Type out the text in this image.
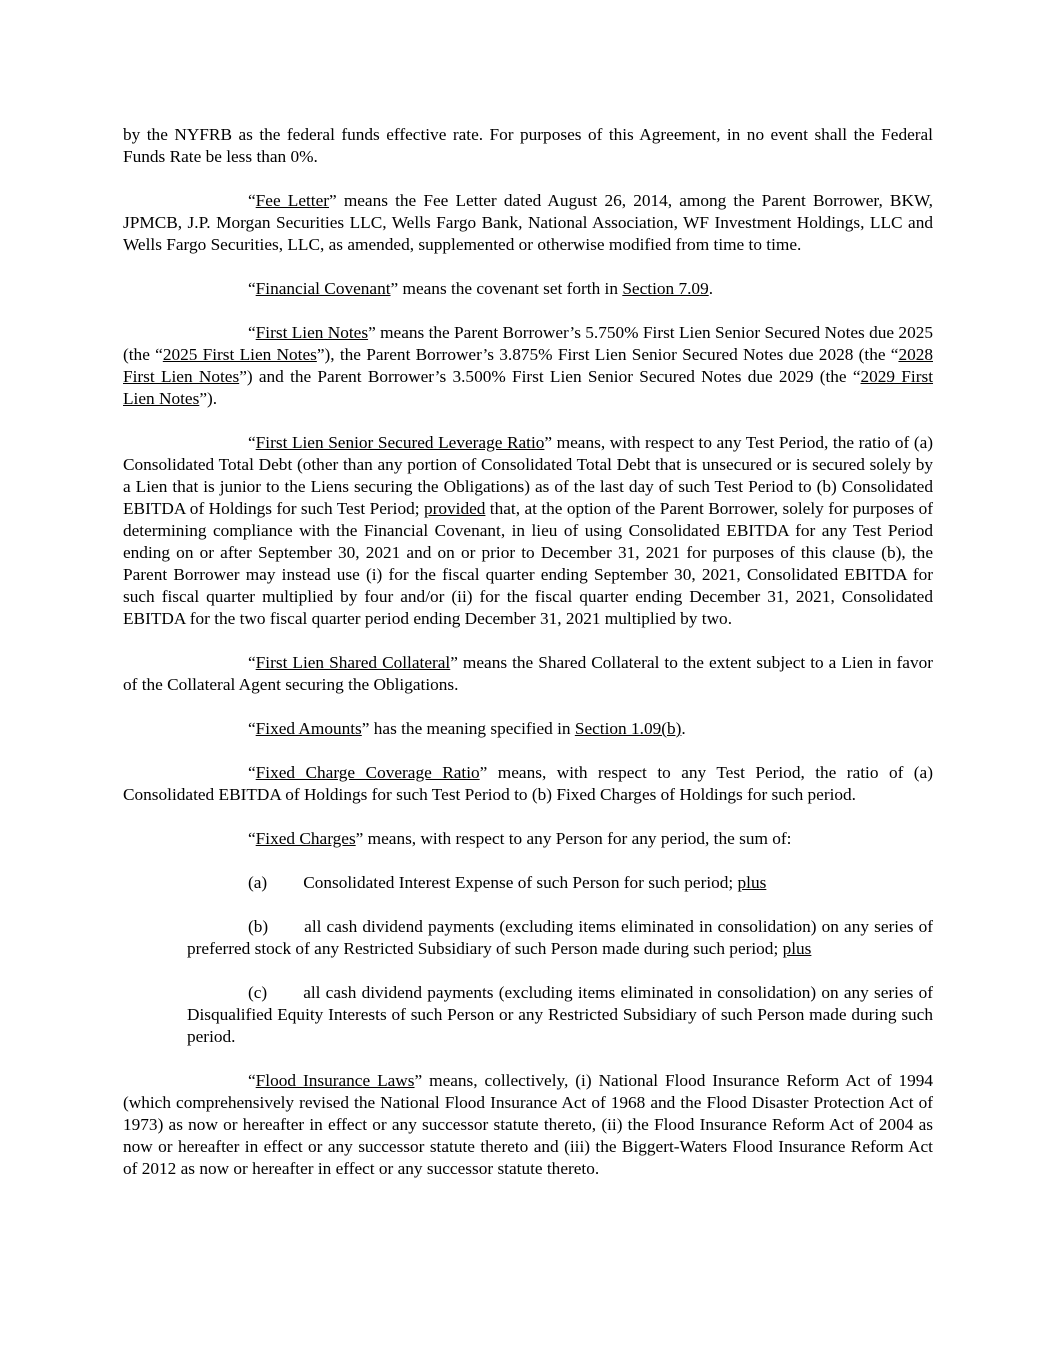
by the NYFRB as the federal funds effective rate. For purposes of this Agreement, in no event shall the Federal Funds Rate be less than 0%.

“Fee Letter” means the Fee Letter dated August 26, 2014, among the Parent Borrower, BKW, JPMCB, J.P. Morgan Securities LLC, Wells Fargo Bank, National Association, WF Investment Holdings, LLC and Wells Fargo Securities, LLC, as amended, supplemented or otherwise modified from time to time.

“Financial Covenant” means the covenant set forth in Section 7.09.

“First Lien Notes” means the Parent Borrower’s 5.750% First Lien Senior Secured Notes due 2025 (the “2025 First Lien Notes”), the Parent Borrower’s 3.875% First Lien Senior Secured Notes due 2028 (the “2028 First Lien Notes”) and the Parent Borrower’s 3.500% First Lien Senior Secured Notes due 2029 (the “2029 First Lien Notes”).

“First Lien Senior Secured Leverage Ratio” means, with respect to any Test Period, the ratio of (a) Consolidated Total Debt (other than any portion of Consolidated Total Debt that is unsecured or is secured solely by a Lien that is junior to the Liens securing the Obligations) as of the last day of such Test Period to (b) Consolidated EBITDA of Holdings for such Test Period; provided that, at the option of the Parent Borrower, solely for purposes of determining compliance with the Financial Covenant, in lieu of using Consolidated EBITDA for any Test Period ending on or after September 30, 2021 and on or prior to December 31, 2021 for purposes of this clause (b), the Parent Borrower may instead use (i) for the fiscal quarter ending September 30, 2021, Consolidated EBITDA for such fiscal quarter multiplied by four and/or (ii) for the fiscal quarter ending December 31, 2021, Consolidated EBITDA for the two fiscal quarter period ending December 31, 2021 multiplied by two.

“First Lien Shared Collateral” means the Shared Collateral to the extent subject to a Lien in favor of the Collateral Agent securing the Obligations.

“Fixed Amounts” has the meaning specified in Section 1.09(b).

“Fixed Charge Coverage Ratio” means, with respect to any Test Period, the ratio of (a) Consolidated EBITDA of Holdings for such Test Period to (b) Fixed Charges of Holdings for such period.

“Fixed Charges” means, with respect to any Person for any period, the sum of:

(a) Consolidated Interest Expense of such Person for such period; plus

(b) all cash dividend payments (excluding items eliminated in consolidation) on any series of preferred stock of any Restricted Subsidiary of such Person made during such period; plus

(c) all cash dividend payments (excluding items eliminated in consolidation) on any series of Disqualified Equity Interests of such Person or any Restricted Subsidiary of such Person made during such period.

“Flood Insurance Laws” means, collectively, (i) National Flood Insurance Reform Act of 1994 (which comprehensively revised the National Flood Insurance Act of 1968 and the Flood Disaster Protection Act of 1973) as now or hereafter in effect or any successor statute thereto, (ii) the Flood Insurance Reform Act of 2004 as now or hereafter in effect or any successor statute thereto and (iii) the Biggert-Waters Flood Insurance Reform Act of 2012 as now or hereafter in effect or any successor statute thereto.
